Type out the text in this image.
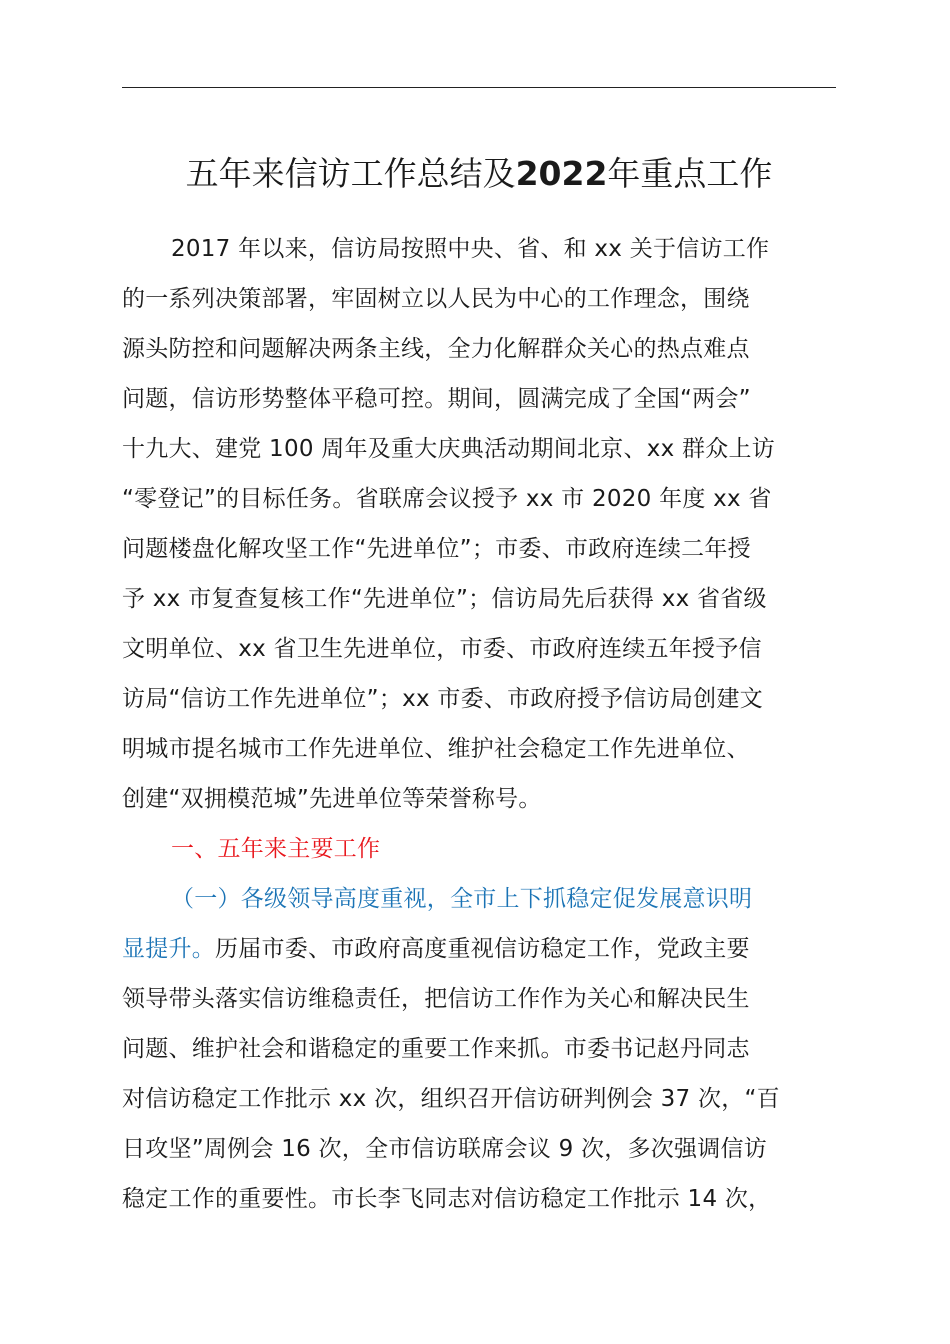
五年来信访工作总结及2022年重点工作
2017 年以来，信访局按照中央、省、和 xx 关于信访工作
的一系列决策部署，牢固树立以人民为中心的工作理念，围绕
源头防控和问题解决两条主线，全力化解群众关心的热点难点
问题，信访形势整体平稳可控。期间，圆满完成了全国“两会”
十九大、建党 100 周年及重大庆典活动期间北京、xx 群众上访
“零登记”的目标任务。省联席会议授予 xx 市 2020 年度 xx 省
问题楼盘化解攻坚工作“先进单位”；市委、市政府连续二年授
予 xx 市复查复核工作“先进单位”；信访局先后获得 xx 省省级
文明单位、xx 省卫生先进单位，市委、市政府连续五年授予信
访局“信访工作先进单位”；xx 市委、市政府授予信访局创建文
明城市提名城市工作先进单位、维护社会稳定工作先进单位、
创建“双拥模范城”先进单位等荣誉称号。
一、五年来主要工作
（一）各级领导高度重视，全市上下抓稳定促发展意识明
显提升。历届市委、市政府高度重视信访稳定工作，党政主要
领导带头落实信访维稳责任，把信访工作作为关心和解决民生
问题、维护社会和谐稳定的重要工作来抓。市委书记赵丹同志
对信访稳定工作批示 xx 次，组织召开信访研判例会 37 次，“百
日攻坚”周例会 16 次，全市信访联席会议 9 次，多次强调信访
稳定工作的重要性。市长李飞同志对信访稳定工作批示 14 次，
